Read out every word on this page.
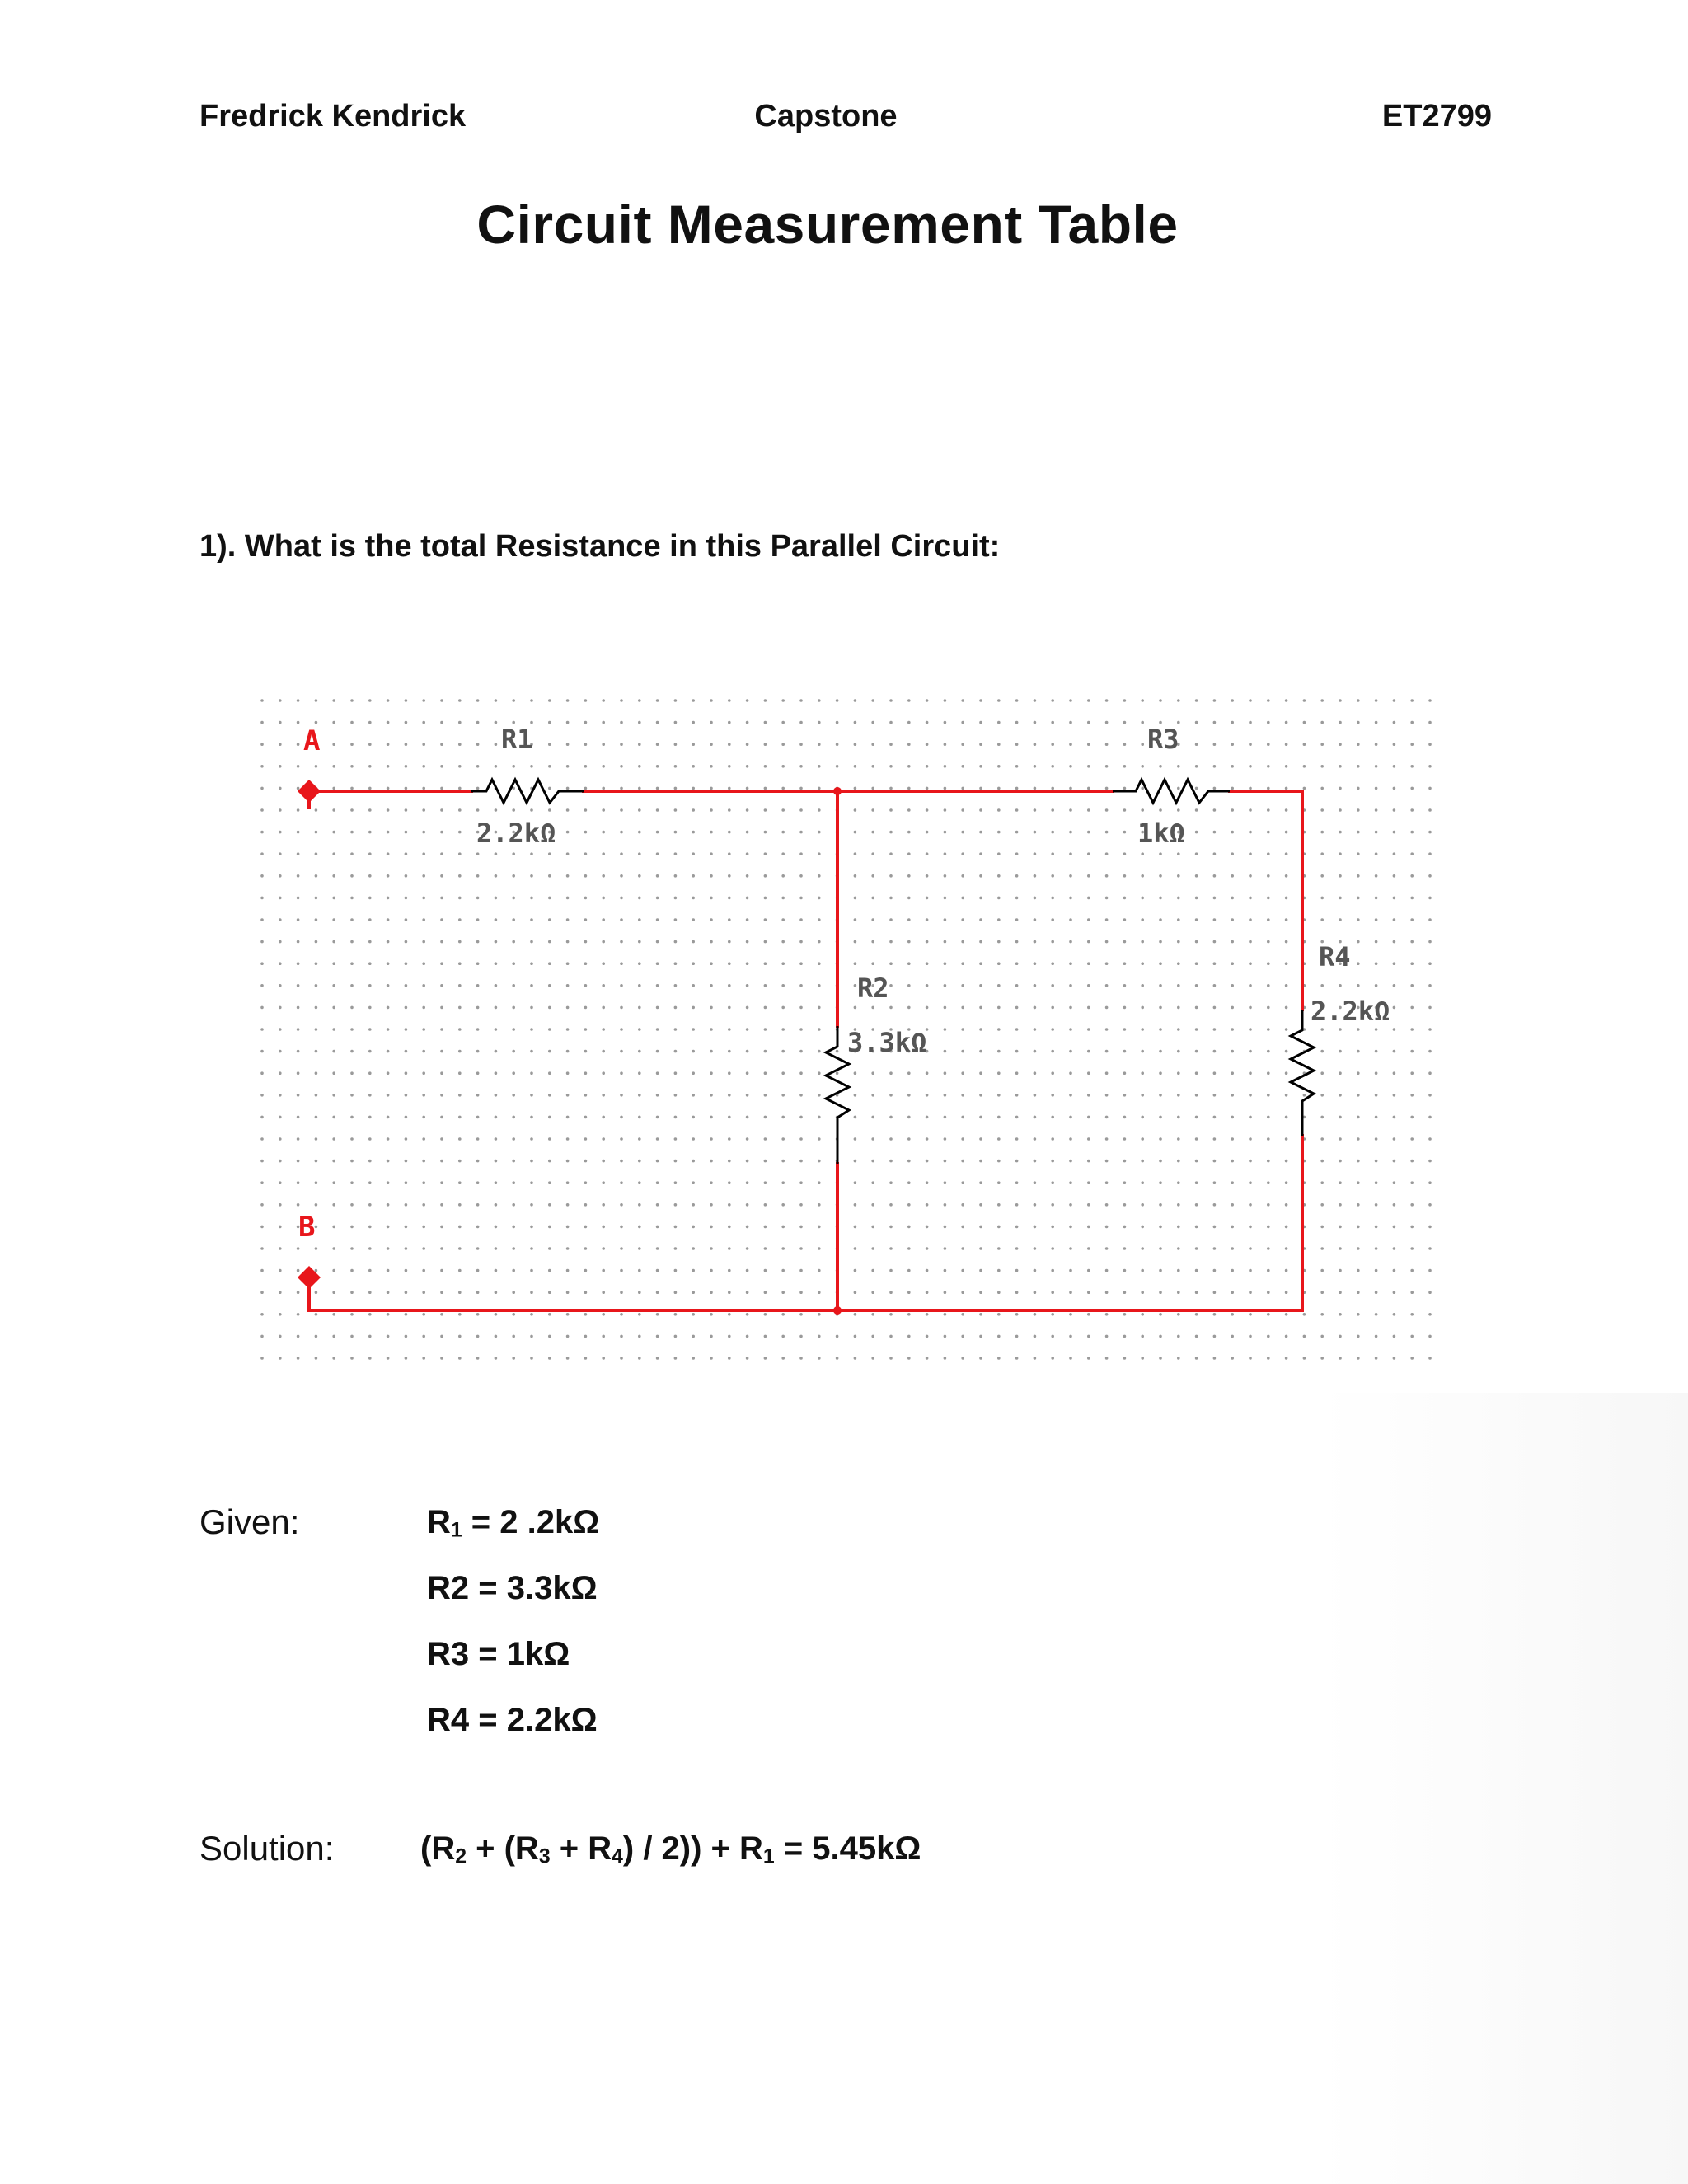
Fredrick Kendrick	Capstone	ET2799
Circuit Measurement Table
1). What is the total Resistance in this Parallel Circuit:
A
B
R1
2.2kΩ
R3
1kΩ
R2
3.3kΩ
R4
2.2kΩ
Given:	$R_1 = 2$ .2kΩ
R2 = 3.3kΩ
R3 = 1kΩ
R4 = 2.2kΩ
Solution:	$(R_2 + (R_3 + R_4) / 2)) + R_1 = 5.45k\Omega$
